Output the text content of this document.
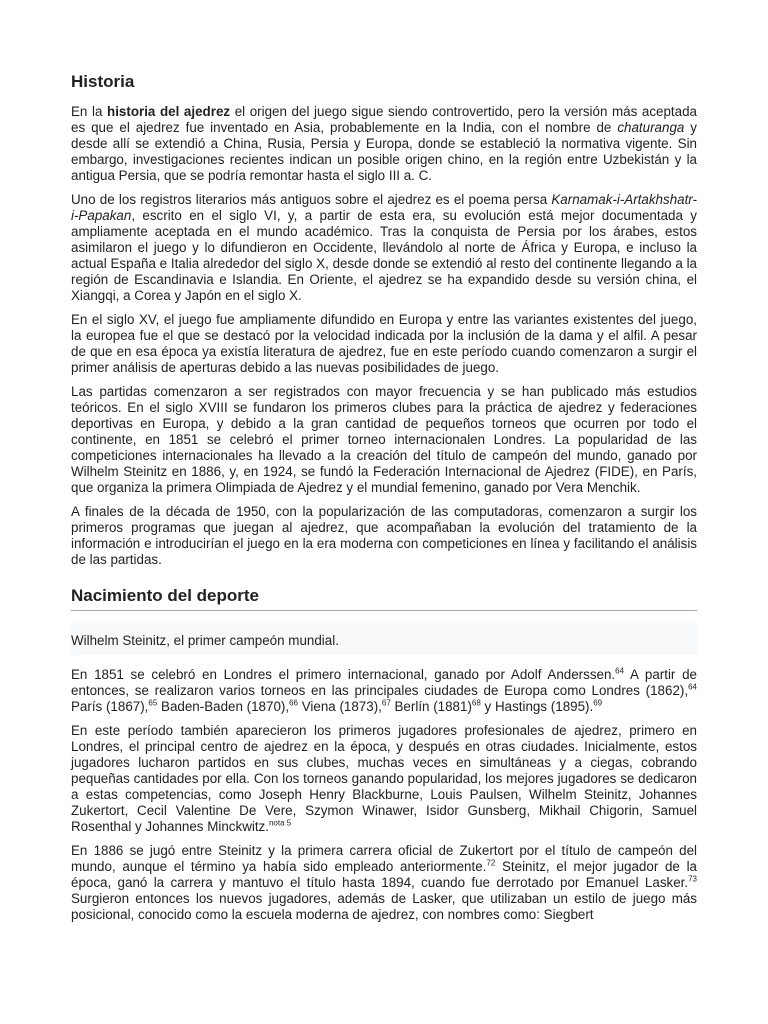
Historia

En la historia del ajedrez el origen del juego sigue siendo controvertido, pero la versión más aceptada es que el ajedrez fue inventado en Asia, probablemente en la India, con el nombre de chaturanga y desde allí se extendió a China, Rusia, Persia y Europa, donde se estableció la normativa vigente. Sin embargo, investigaciones recientes indican un posible origen chino, en la región entre Uzbekistán y la antigua Persia, que se podría remontar hasta el siglo III a. C.

Uno de los registros literarios más antiguos sobre el ajedrez es el poema persa Karnamak-i-Artakhshatr-i-Papakan, escrito en el siglo VI, y, a partir de esta era, su evolución está mejor documentada y ampliamente aceptada en el mundo académico. Tras la conquista de Persia por los árabes, estos asimilaron el juego y lo difundieron en Occidente, llevándolo al norte de África y Europa, e incluso la actual España e Italia alrededor del siglo X, desde donde se extendió al resto del continente llegando a la región de Escandinavia e Islandia. En Oriente, el ajedrez se ha expandido desde su versión china, el Xiangqi, a Corea y Japón en el siglo X.

En el siglo XV, el juego fue ampliamente difundido en Europa y entre las variantes existentes del juego, la europea fue el que se destacó por la velocidad indicada por la inclusión de la dama y el alfil. A pesar de que en esa época ya existía literatura de ajedrez, fue en este período cuando comenzaron a surgir el primer análisis de aperturas debido a las nuevas posibilidades de juego.

Las partidas comenzaron a ser registrados con mayor frecuencia y se han publicado más estudios teóricos. En el siglo XVIII se fundaron los primeros clubes para la práctica de ajedrez y federaciones deportivas en Europa, y debido a la gran cantidad de pequeños torneos que ocurren por todo el continente, en 1851 se celebró el primer torneo internacionalen Londres. La popularidad de las competiciones internacionales ha llevado a la creación del título de campeón del mundo, ganado por Wilhelm Steinitz en 1886, y, en 1924, se fundó la Federación Internacional de Ajedrez (FIDE), en París, que organiza la primera Olimpiada de Ajedrez y el mundial femenino, ganado por Vera Menchik.

A finales de la década de 1950, con la popularización de las computadoras, comenzaron a surgir los primeros programas que juegan al ajedrez, que acompañaban la evolución del tratamiento de la información e introducirían el juego en la era moderna con competiciones en línea y facilitando el análisis de las partidas.

Nacimiento del deporte

Wilhelm Steinitz, el primer campeón mundial.

En 1851 se celebró en Londres el primero internacional, ganado por Adolf Anderssen.$^{64}$ A partir de entonces, se realizaron varios torneos en las principales ciudades de Europa como Londres (1862),$^{64}$ París (1867),$^{65}$ Baden-Baden (1870),$^{66}$ Viena (1873),$^{67}$ Berlín $(1881)^{68}$ y Hastings (1895).$^{69}$

En este período también aparecieron los primeros jugadores profesionales de ajedrez, primero en Londres, el principal centro de ajedrez en la época, y después en otras ciudades. Inicialmente, estos jugadores lucharon partidos en sus clubes, muchas veces en simultáneas y a ciegas, cobrando pequeñas cantidades por ella. Con los torneos ganando popularidad, los mejores jugadores se dedicaron a estas competencias, como Joseph Henry Blackburne, Louis Paulsen, Wilhelm Steinitz, Johannes Zukertort, Cecil Valentine De Vere, Szymon Winawer, Isidor Gunsberg, Mikhail Chigorin, Samuel Rosenthal y Johannes Minckwitz.$^{nota 5}$

En 1886 se jugó entre Steinitz y la primera carrera oficial de Zukertort por el título de campeón del mundo, aunque el término ya había sido empleado anteriormente.$^{72}$ Steinitz, el mejor jugador de la época, ganó la carrera y mantuvo el título hasta 1894, cuando fue derrotado por Emanuel Lasker.$^{73}$ Surgieron entonces los nuevos jugadores, además de Lasker, que utilizaban un estilo de juego más posicional, conocido como la escuela moderna de ajedrez, con nombres como: Siegbert
